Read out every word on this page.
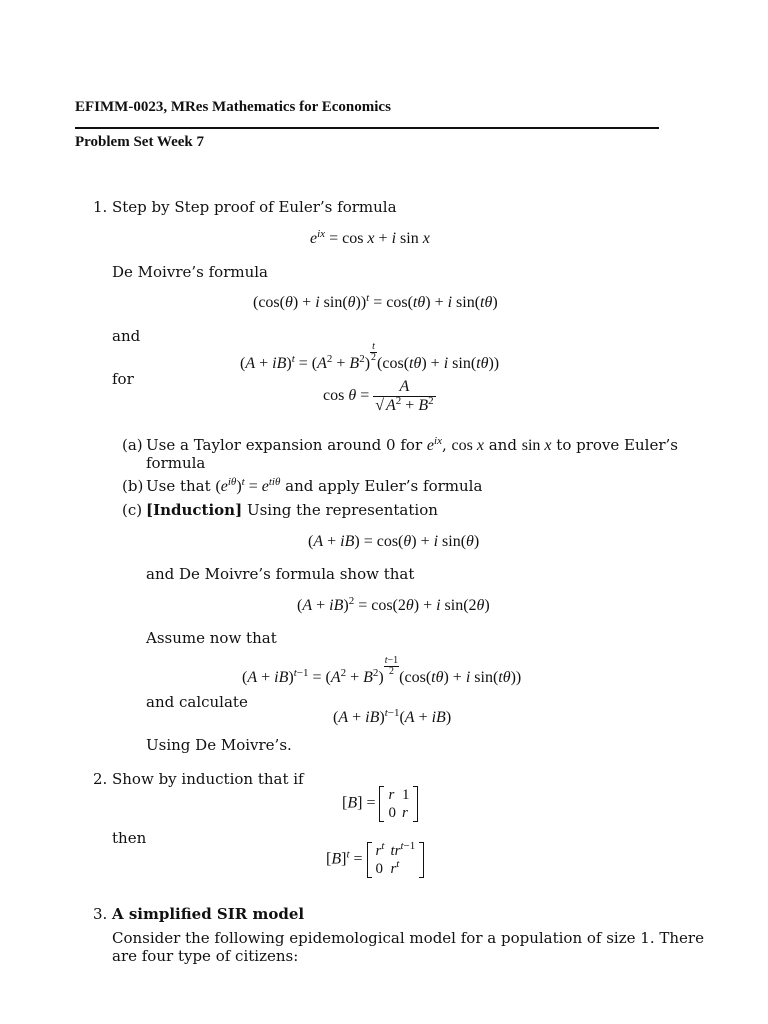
EFIMM-0023, MRes Mathematics for Economics
Problem Set Week 7
1. Step by Step proof of Euler’s formula
$e^{ix} = \cos x + i$ sin x
De Moivre’s formula
(cos(θ) + i sin(θ))$^t$ = cos(tθ) + i sin(tθ)
and
$(A + iB)^t = (A^2 + B^2)$
$\frac{t}{2}$
(cos(tθ) + i sin(tθ))
for
$\cos \theta = \frac{A}{√ A^2 + B^2}$
(a) Use a Taylor expansion around 0 for $e^{ix}$, cos x and sin x to prove Euler’s
formula
(b) Use that $(e^{i\theta})^t = e^{ti\theta}$ and apply Euler’s formula
(c) [Induction] Using the representation
(A + iB) = cos(θ) + i sin(θ)
and De Moivre’s formula show that
(A + iB)$^2$ = cos(2θ) + i sin(2θ)
Assume now that
$(A + iB)^{t-1} = (A^2 + B^2)$
$\frac{t-1}{2}$
(cos(tθ) + i sin(tθ))
and calculate
(A + iB)$^{t-1}$(A + iB)
Using De Moivre’s.
2. Show by induction that if
[B] = r	1
0	r
then
$[B]^t = r^t$	$tr^{t-1}$
0	$r^t$
3. A simplified SIR model
Consider the following epidemological model for a population of size 1. There
are four type of citizens:
